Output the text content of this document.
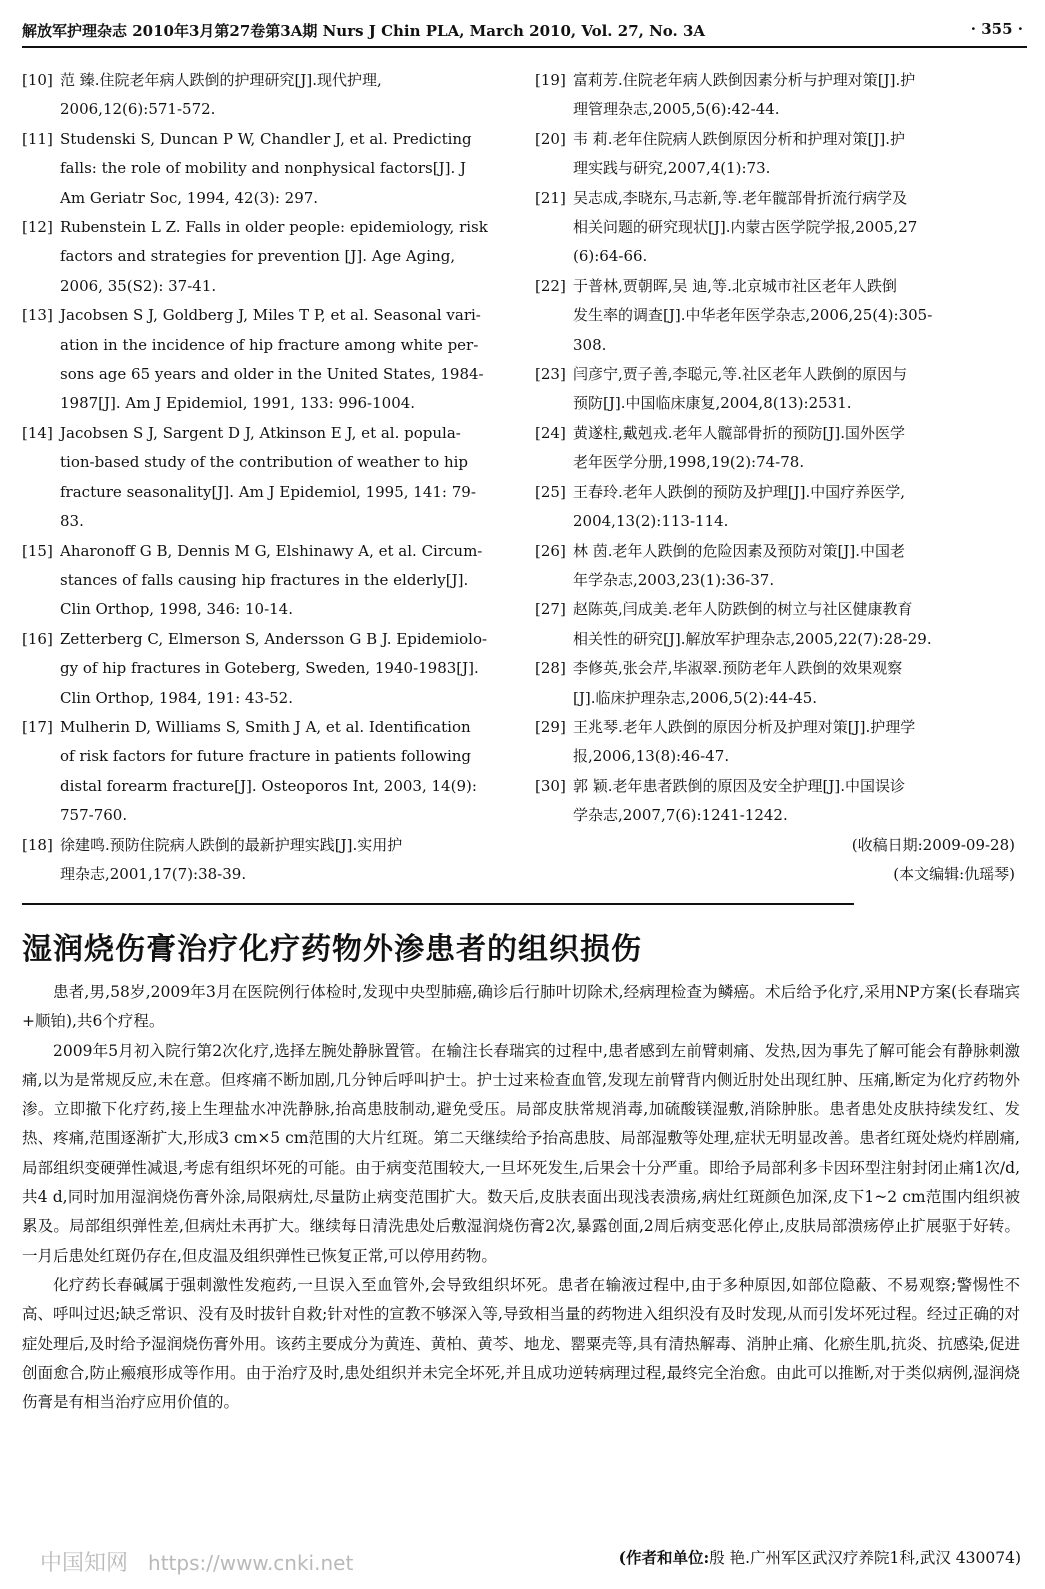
解放军护理杂志 2010年3月第27卷第3A期 Nurs J Chin PLA, March 2010, Vol. 27, No. 3A	· 355 ·
[10] 范 臻.住院老年病人跌倒的护理研究[J].现代护理,
2006,12(6):571-572.
[11] Studenski S, Duncan P W, Chandler J, et al. Predicting
falls: the role of mobility and nonphysical factors[J]. J
Am Geriatr Soc, 1994, 42(3): 297.
[12] Rubenstein L Z. Falls in older people: epidemiology, risk
factors and strategies for prevention [J]. Age Aging,
2006, 35(S2): 37-41.
[13] Jacobsen S J, Goldberg J, Miles T P, et al. Seasonal vari-
ation in the incidence of hip fracture among white per-
sons age 65 years and older in the United States, 1984-
1987[J]. Am J Epidemiol, 1991, 133: 996-1004.
[14] Jacobsen S J, Sargent D J, Atkinson E J, et al. popula-
tion-based study of the contribution of weather to hip
fracture seasonality[J]. Am J Epidemiol, 1995, 141: 79-
83.
[15] Aharonoff G B, Dennis M G, Elshinawy A, et al. Circum-
stances of falls causing hip fractures in the elderly[J].
Clin Orthop, 1998, 346: 10-14.
[16] Zetterberg C, Elmerson S, Andersson G B J. Epidemiolo-
gy of hip fractures in Goteberg, Sweden, 1940-1983[J].
Clin Orthop, 1984, 191: 43-52.
[17] Mulherin D, Williams S, Smith J A, et al. Identification
of risk factors for future fracture in patients following
distal forearm fracture[J]. Osteoporos Int, 2003, 14(9):
757-760.
[18] 徐建鸣.预防住院病人跌倒的最新护理实践[J].实用护
理杂志,2001,17(7):38-39.
[19] 富莉芳.住院老年病人跌倒因素分析与护理对策[J].护
理管理杂志,2005,5(6):42-44.
[20] 韦 莉.老年住院病人跌倒原因分析和护理对策[J].护
理实践与研究,2007,4(1):73.
[21] 吴志成,李晓东,马志新,等.老年髋部骨折流行病学及
相关问题的研究现状[J].内蒙古医学院学报,2005,27
(6):64-66.
[22] 于普林,贾朝晖,吴 迪,等.北京城市社区老年人跌倒
发生率的调查[J].中华老年医学杂志,2006,25(4):305-
308.
[23] 闫彦宁,贾子善,李聪元,等.社区老年人跌倒的原因与
预防[J].中国临床康复,2004,8(13):2531.
[24] 黄遂柱,戴剋戎.老年人髋部骨折的预防[J].国外医学
老年医学分册,1998,19(2):74-78.
[25] 王春玲.老年人跌倒的预防及护理[J].中国疗养医学,
2004,13(2):113-114.
[26] 林 茵.老年人跌倒的危险因素及预防对策[J].中国老
年学杂志,2003,23(1):36-37.
[27] 赵陈英,闫成美.老年人防跌倒的树立与社区健康教育
相关性的研究[J].解放军护理杂志,2005,22(7):28-29.
[28] 李修英,张会芹,毕淑翠.预防老年人跌倒的效果观察
[J].临床护理杂志,2006,5(2):44-45.
[29] 王兆琴.老年人跌倒的原因分析及护理对策[J].护理学
报,2006,13(8):46-47.
[30] 郭 颖.老年患者跌倒的原因及安全护理[J].中国误诊
学杂志,2007,7(6):1241-1242.
(收稿日期:2009-09-28)
(本文编辑:仇瑶琴)
湿润烧伤膏治疗化疗药物外渗患者的组织损伤

患者,男,58岁,2009年3月在医院例行体检时,发现中央型肺癌,确诊后行肺叶切除术,经病理检查为鳞癌。术后给予化疗,采用NP方案(长春瑞宾+顺铂),共6个疗程。

2009年5月初入院行第2次化疗,选择左腕处静脉置管。在输注长春瑞宾的过程中,患者感到左前臂刺痛、发热,因为事先了解可能会有静脉刺激痛,以为是常规反应,未在意。但疼痛不断加剧,几分钟后呼叫护士。护士过来检查血管,发现左前臂背内侧近肘处出现红肿、压痛,断定为化疗药物外渗。立即撤下化疗药,接上生理盐水冲洗静脉,抬高患肢制动,避免受压。局部皮肤常规消毒,加硫酸镁湿敷,消除肿胀。患者患处皮肤持续发红、发热、疼痛,范围逐渐扩大,形成3 cm×5 cm范围的大片红斑。第二天继续给予抬高患肢、局部湿敷等处理,症状无明显改善。患者红斑处烧灼样剧痛,局部组织变硬弹性减退,考虑有组织坏死的可能。由于病变范围较大,一旦坏死发生,后果会十分严重。即给予局部利多卡因环型注射封闭止痛1次/d,共4 d,同时加用湿润烧伤膏外涂,局限病灶,尽量防止病变范围扩大。数天后,皮肤表面出现浅表溃疡,病灶红斑颜色加深,皮下1~2 cm范围内组织被累及。局部组织弹性差,但病灶未再扩大。继续每日清洗患处后敷湿润烧伤膏2次,暴露创面,2周后病变恶化停止,皮肤局部溃疡停止扩展驱于好转。一月后患处红斑仍存在,但皮温及组织弹性已恢复正常,可以停用药物。

化疗药长春碱属于强刺激性发疱药,一旦误入至血管外,会导致组织坏死。患者在输液过程中,由于多种原因,如部位隐蔽、不易观察;警惕性不高、呼叫过迟;缺乏常识、没有及时拔针自救;针对性的宣教不够深入等,导致相当量的药物进入组织没有及时发现,从而引发坏死过程。经过正确的对症处理后,及时给予湿润烧伤膏外用。该药主要成分为黄连、黄柏、黄芩、地龙、罂粟壳等,具有清热解毒、消肿止痛、化瘀生肌,抗炎、抗感染,促进创面愈合,防止瘢痕形成等作用。由于治疗及时,患处组织并未完全坏死,并且成功逆转病理过程,最终完全治愈。由此可以推断,对于类似病例,湿润烧伤膏是有相当治疗应用价值的。

中国知网 https://www.cnki.net	(作者和单位:殷 艳.广州军区武汉疗养院1科,武汉 430074)
